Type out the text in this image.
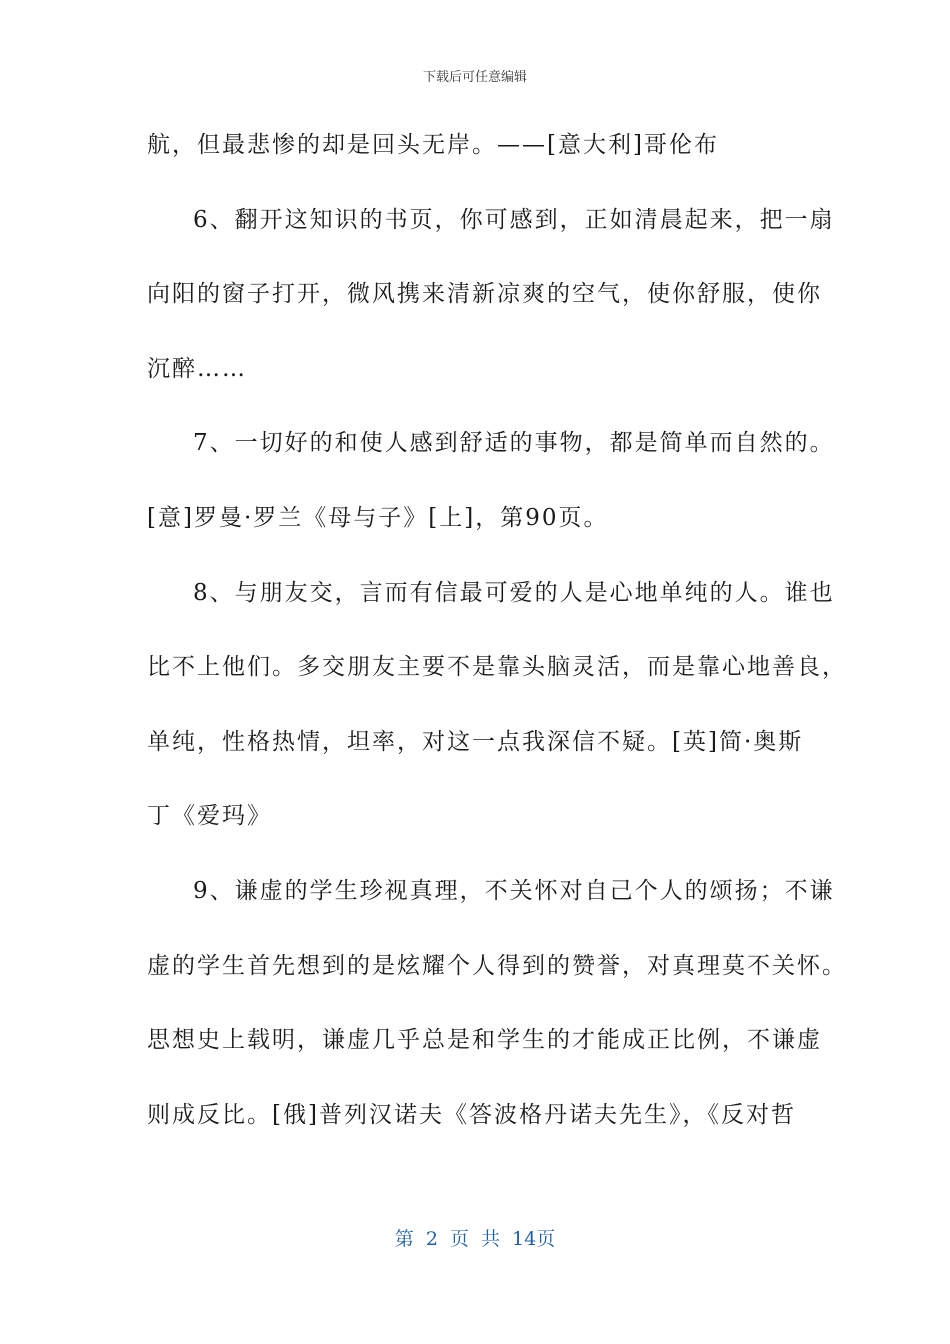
下载后可任意编辑
航，但最悲惨的却是回头无岸。——[意大利]哥伦布
6、翻开这知识的书页，你可感到，正如清晨起来，把一扇
向阳的窗子打开，微风携来清新凉爽的空气，使你舒服，使你
沉醉……
7、一切好的和使人感到舒适的事物，都是简单而自然的。
[意]罗曼·罗兰《母与子》[上]，第90页。
8、与朋友交，言而有信最可爱的人是心地单纯的人。谁也
比不上他们。多交朋友主要不是靠头脑灵活，而是靠心地善良，
单纯，性格热情，坦率，对这一点我深信不疑。[英]简·奥斯
丁《爱玛》
9、谦虚的学生珍视真理，不关怀对自己个人的颂扬；不谦
虚的学生首先想到的是炫耀个人得到的赞誉，对真理莫不关怀。
思想史上载明，谦虚几乎总是和学生的才能成正比例，不谦虚
则成反比。[俄]普列汉诺夫《答波格丹诺夫先生》，《反对哲
第 2 页 共 14页
